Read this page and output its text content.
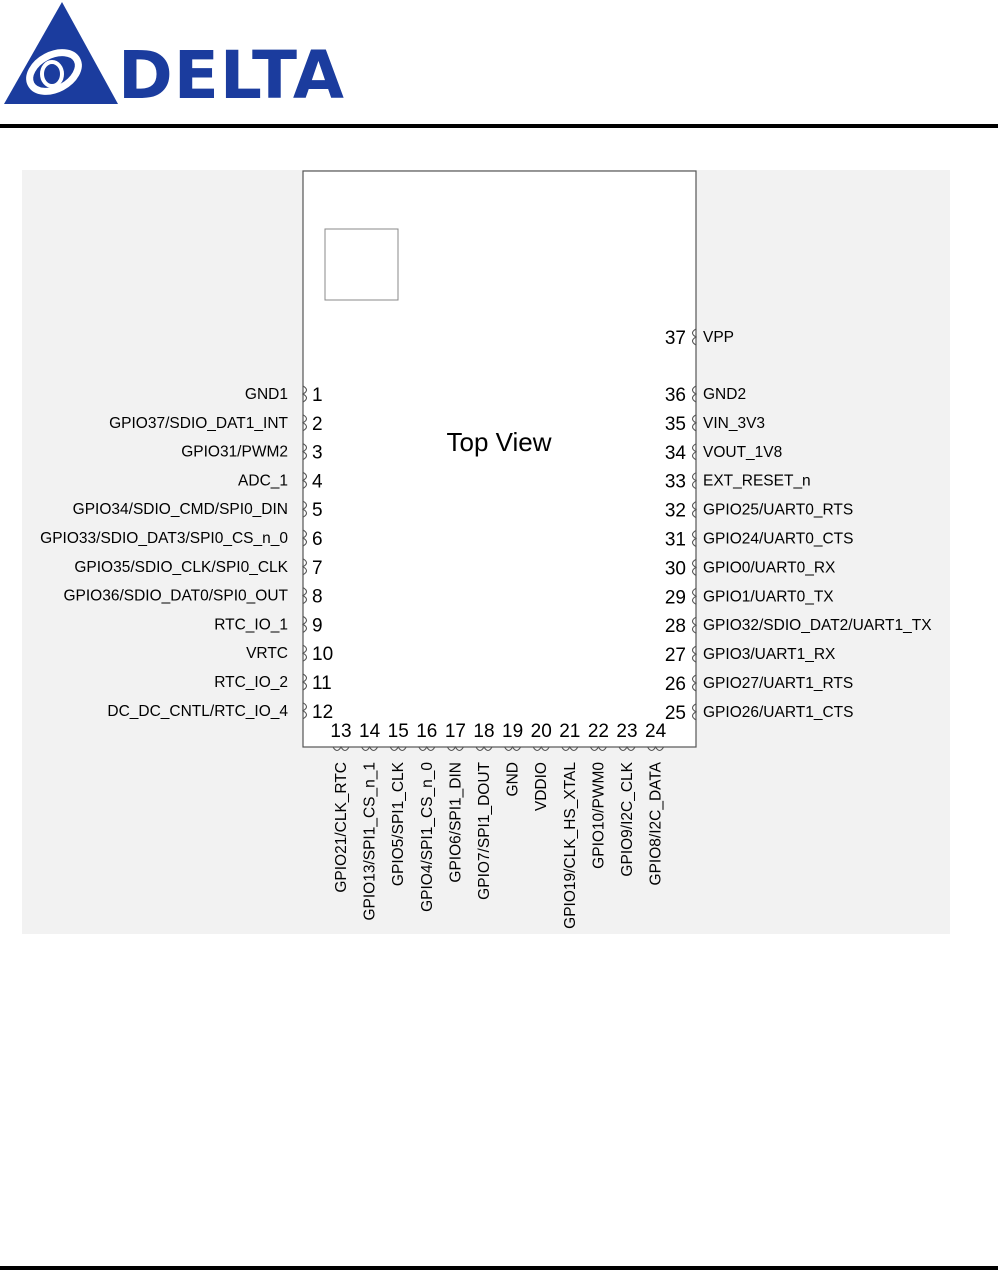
DELTA
Top View
1
GND1
2
GPIO37/SDIO_DAT1_INT
3
GPIO31/PWM2
4
ADC_1
5
GPIO34/SDIO_CMD/SPI0_DIN
6
GPIO33/SDIO_DAT3/SPI0_CS_n_0
7
GPIO35/SDIO_CLK/SPI0_CLK
8
GPIO36/SDIO_DAT0/SPI0_OUT
9
RTC_IO_1
10
VRTC
11
RTC_IO_2
12
DC_DC_CNTL/RTC_IO_4
37 VPP
36 GND2
35 VIN_3V3
34 VOUT_1V8
33 EXT_RESET_n
32 GPIO25/UART0_RTS
31 GPIO24/UART0_CTS
30 GPIO0/UART0_RX
29 GPIO1/UART0_TX
28 GPIO32/SDIO_DAT2/UART1_TX
27 GPIO3/UART1_RX
26 GPIO27/UART1_RTS
25 GPIO26/UART1_CTS
13
GPIO21/CLK_RTC
14
GPIO13/SPI1_CS_n_1
15
GPIO5/SPI1_CLK
16
GPIO4/SPI1_CS_n_0
17
GPIO6/SPI1_DIN
18
GPIO7/SPI1_DOUT
19
GND
20
VDDIO
21
GPIO19/CLK_HS_XTAL
22
GPIO10/PWM0
23
GPIO9/I2C_CLK
24
GPIO8/I2C_DATA
